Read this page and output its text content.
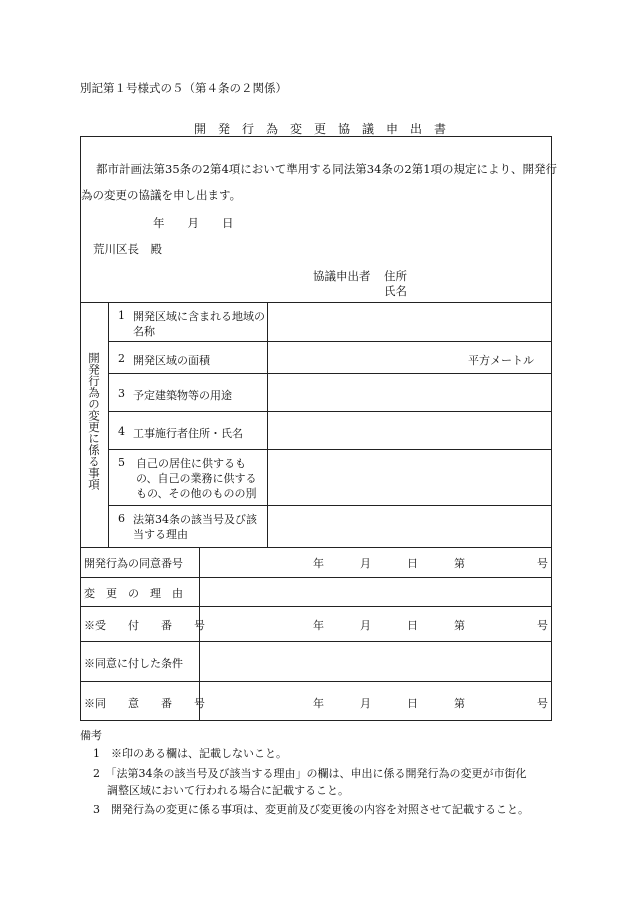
別記第１号様式の５（第４条の２関係）
開　発　行　為　変　更　協　議　申　出　書
都市計画法第35条の2第4項において準用する同法第34条の2第1項の規定により、開発行
為の変更の協議を申し出ます。
年　　月　　日
荒川区長　殿
協議申出者 住所
氏名
開発行為の変更に係る事項
1 開発区域に含まれる地域の名称
2 開発区域の面積	平方メートル
3 予定建築物等の用途
4 工事施行者住所・氏名
5 自己の居住に供するもの、自己の業務に供するもの、その他のものの別
6 法第34条の該当号及び該当する理由
開発行為の同意番号	年	月	日	第	号
変　更　の　理　由
※受　　付　　番　　号	年	月	日	第	号
※同意に付した条件
※同　　意　　番　　号	年	月	日	第	号
備考
1　※印のある欄は、記載しないこと。
2　「法第34条の該当号及び該当する理由」の欄は、申出に係る開発行為の変更が市街化
調整区域において行われる場合に記載すること。
3　開発行為の変更に係る事項は、変更前及び変更後の内容を対照させて記載すること。
